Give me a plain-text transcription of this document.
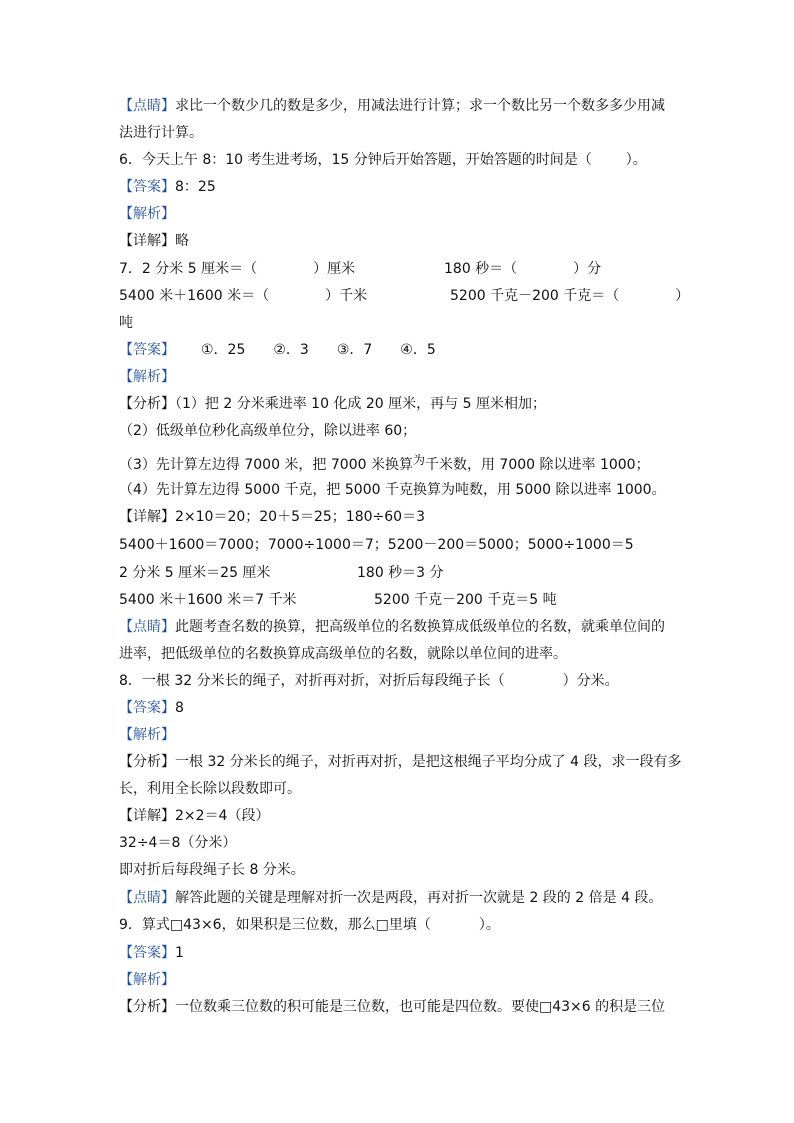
【点睛】求比一个数少几的数是多少，用减法进行计算；求一个数比另一个数多多少用减
法进行计算。
6．今天上午 8：10 考生进考场，15 分钟后开始答题，开始答题的时间是（ ）。
【答案】8：25
【解析】
【详解】略
7．2 分米 5 厘米＝（	）厘米	180 秒＝（	）分
5400 米＋1600 米＝（	）千米	5200 千克－200 千克＝（	）
吨
【答案】 ①．25　　②．3　　③．7　　④．5
【解析】
【分析】（1）把 2 分米乘进率 10 化成 20 厘米，再与 5 厘米相加；
（2）低级单位秒化高级单位分，除以进率 60；
（3）先计算左边得 7000 米，把 7000 米换算为千米数，用 7000 除以进率 1000；
（4）先计算左边得 5000 千克，把 5000 千克换算为吨数，用 5000 除以进率 1000。
【详解】2×10＝20；20＋5＝25；180÷60＝3
5400＋1600＝7000；7000÷1000＝7；5200－200＝5000；5000÷1000＝5
2 分米 5 厘米＝25 厘米	180 秒＝3 分
5400 米＋1600 米＝7 千米	5200 千克－200 千克＝5 吨
【点睛】此题考查名数的换算，把高级单位的名数换算成低级单位的名数，就乘单位间的
进率，把低级单位的名数换算成高级单位的名数，就除以单位间的进率。
8．一根 32 分米长的绳子，对折再对折，对折后每段绳子长（	）分米。
【答案】8
【解析】
【分析】一根 32 分米长的绳子，对折再对折，是把这根绳子平均分成了 4 段，求一段有多
长，利用全长除以段数即可。
【详解】2×2＝4（段）
32÷4＝8（分米）
即对折后每段绳子长 8 分米。
【点睛】解答此题的关键是理解对折一次是两段，再对折一次就是 2 段的 2 倍是 4 段。
9．算式□43×6，如果积是三位数，那么□里填（	）。
【答案】1
【解析】
【分析】一位数乘三位数的积可能是三位数，也可能是四位数。要使□43×6 的积是三位
